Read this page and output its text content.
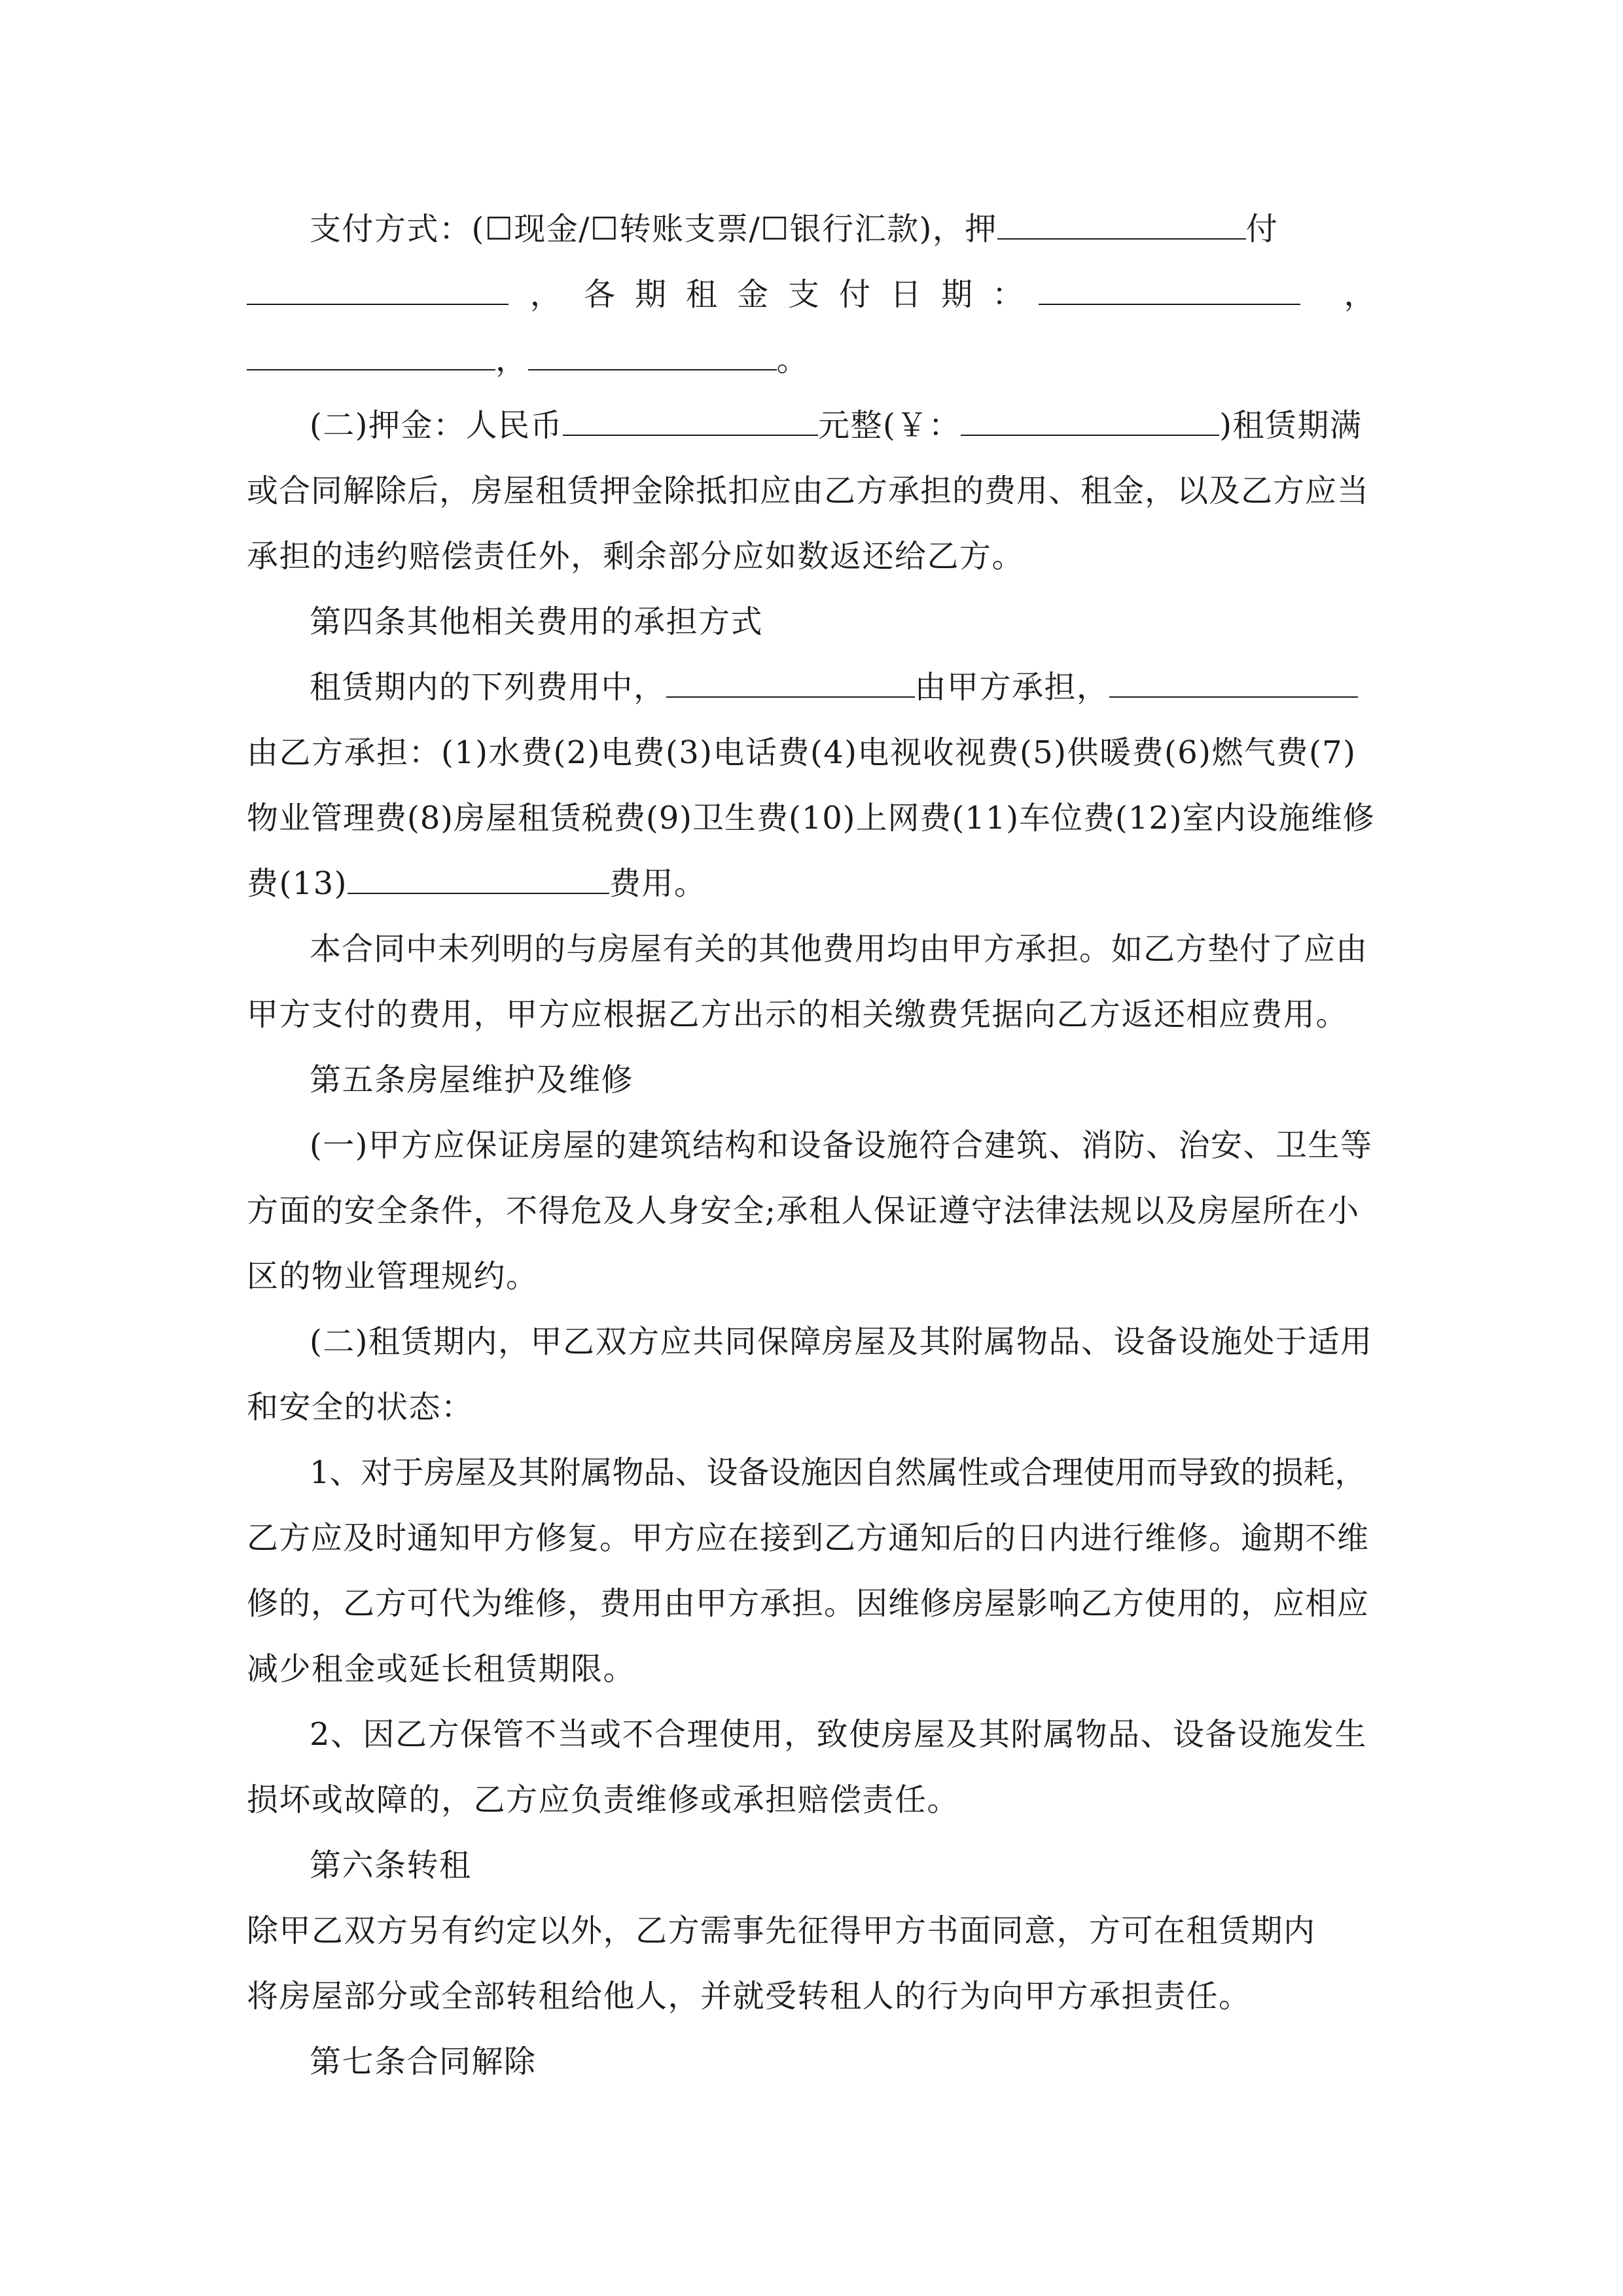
支付方式：(☐现金/☐转账支票/☐银行汇款)，押	付
， 各期租金支付日期：	，
，	。
(二)押金：人民币	元整(￥：	)租赁期满
或合同解除后，房屋租赁押金除抵扣应由乙方承担的费用、租金，以及乙方应当
承担的违约赔偿责任外，剩余部分应如数返还给乙方。
第四条其他相关费用的承担方式
租赁期内的下列费用中，	由甲方承担，
由乙方承担：(1)水费(2)电费(3)电话费(4)电视收视费(5)供暖费(6)燃气费(7)
物业管理费(8)房屋租赁税费(9)卫生费(10)上网费(11)车位费(12)室内设施维修
费(13)	费用。
本合同中未列明的与房屋有关的其他费用均由甲方承担。如乙方垫付了应由
甲方支付的费用，甲方应根据乙方出示的相关缴费凭据向乙方返还相应费用。
第五条房屋维护及维修
(一)甲方应保证房屋的建筑结构和设备设施符合建筑、消防、治安、卫生等
方面的安全条件，不得危及人身安全;承租人保证遵守法律法规以及房屋所在小
区的物业管理规约。
(二)租赁期内，甲乙双方应共同保障房屋及其附属物品、设备设施处于适用
和安全的状态：
1、对于房屋及其附属物品、设备设施因自然属性或合理使用而导致的损耗，
乙方应及时通知甲方修复。甲方应在接到乙方通知后的日内进行维修。逾期不维
修的，乙方可代为维修，费用由甲方承担。因维修房屋影响乙方使用的，应相应
减少租金或延长租赁期限。
2、因乙方保管不当或不合理使用，致使房屋及其附属物品、设备设施发生
损坏或故障的，乙方应负责维修或承担赔偿责任。
第六条转租
除甲乙双方另有约定以外，乙方需事先征得甲方书面同意，方可在租赁期内
将房屋部分或全部转租给他人，并就受转租人的行为向甲方承担责任。
第七条合同解除
